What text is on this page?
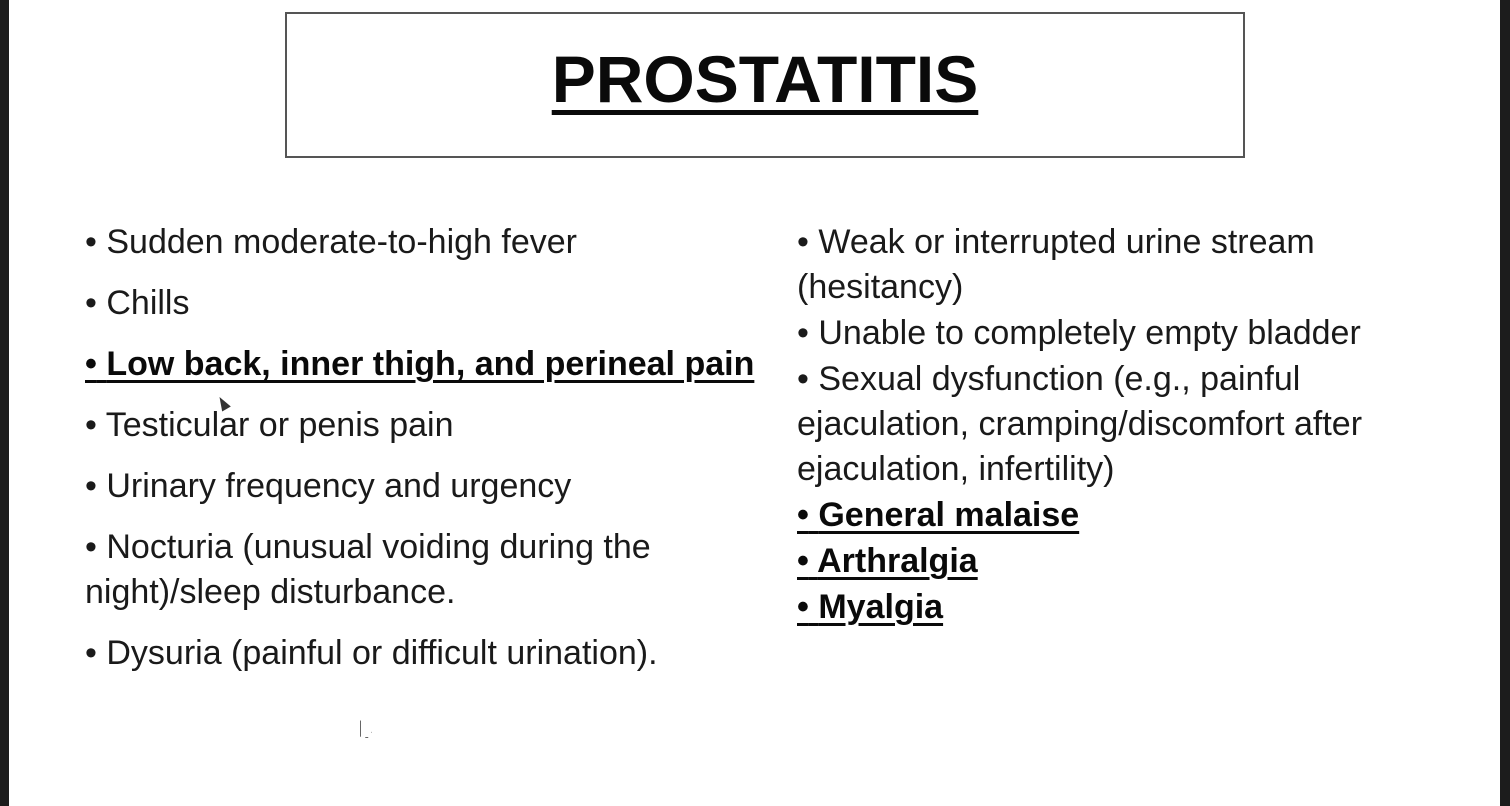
PROSTATITIS
• Sudden moderate-to-high fever
• Chills
• Low back, inner thigh, and perineal pain
• Testicular or penis pain
• Urinary frequency and urgency
• Nocturia (unusual voiding during the night)/sleep disturbance.
• Dysuria (painful or difficult urination).
• Weak or interrupted urine stream (hesitancy)
• Unable to completely empty bladder
• Sexual dysfunction (e.g., painful ejaculation, cramping/discomfort after ejaculation, infertility)
• General malaise
• Arthralgia
• Myalgia
